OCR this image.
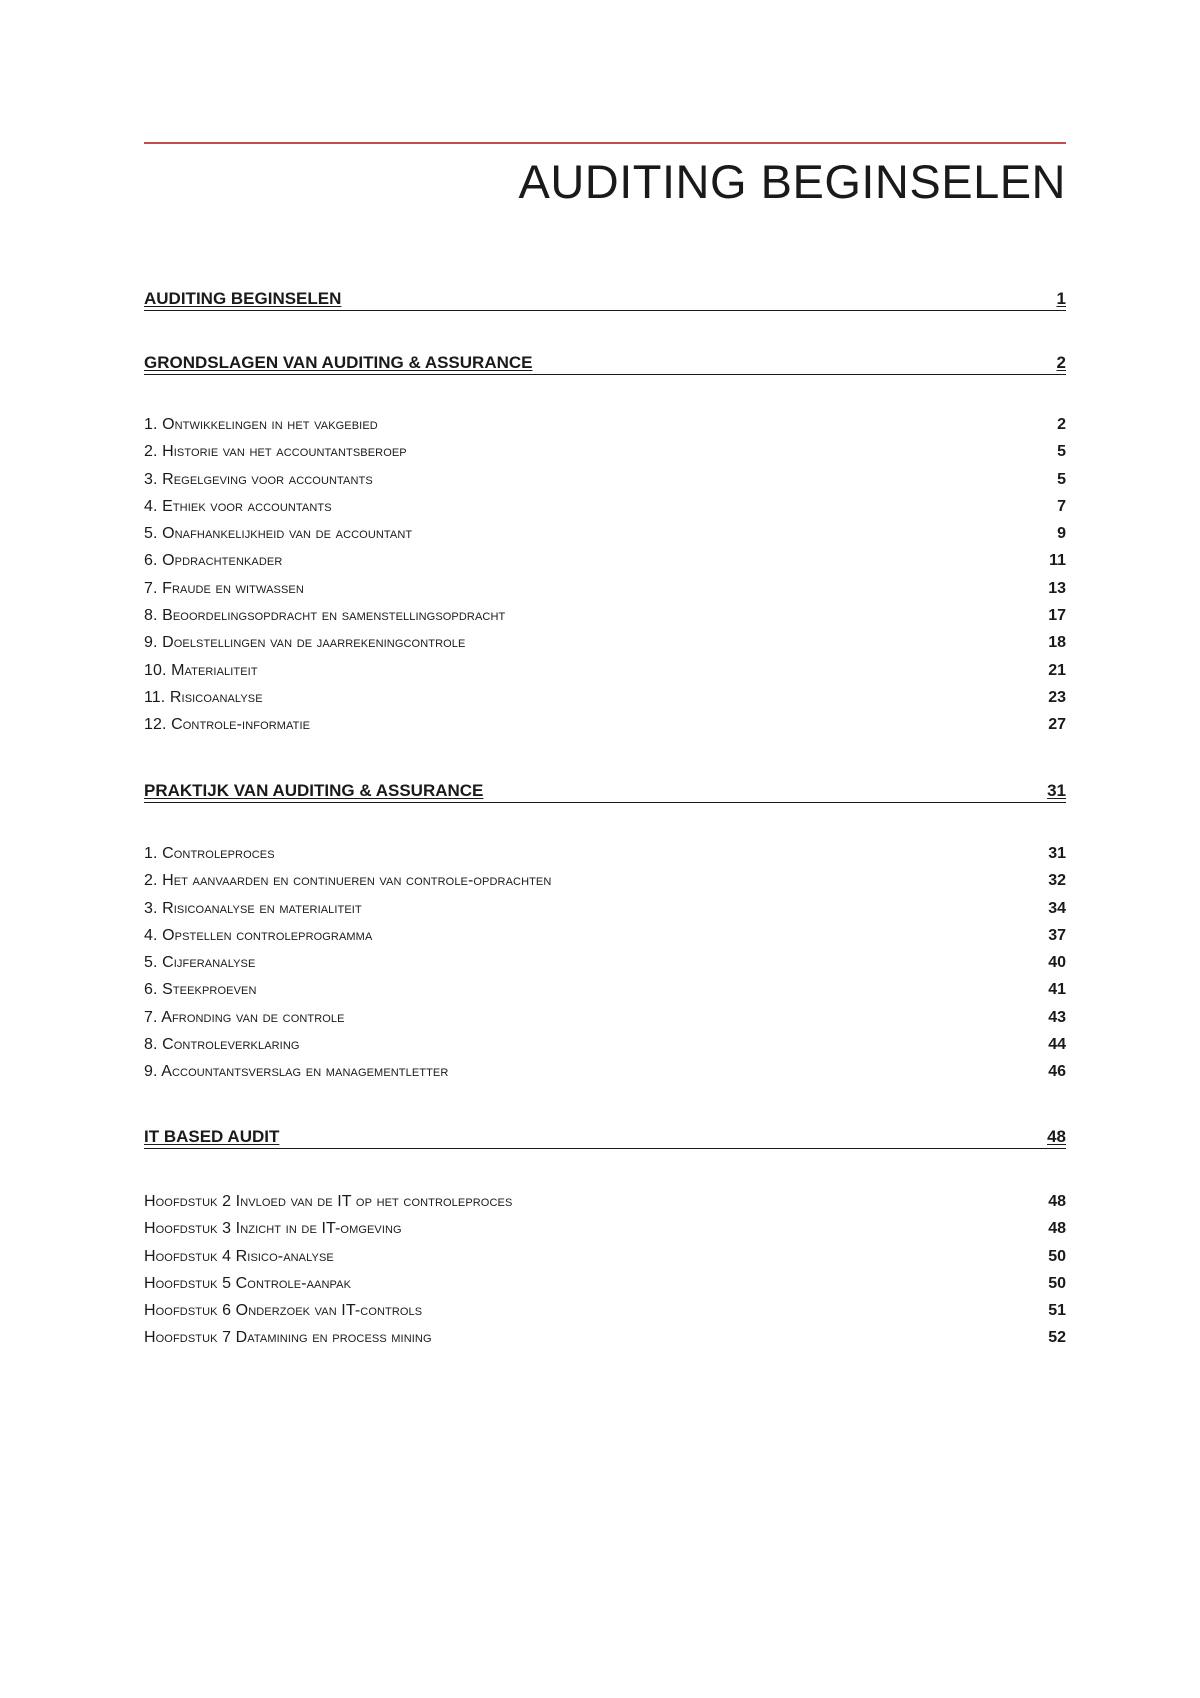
AUDITING BEGINSELEN
AUDITING BEGINSELEN	1
GRONDSLAGEN VAN AUDITING & ASSURANCE	2
1. Ontwikkelingen in het vakgebied	2
2. Historie van het accountantsberoep	5
3. Regelgeving voor accountants	5
4. Ethiek voor accountants	7
5. Onafhankelijkheid van de accountant	9
6. Opdrachtenkader	11
7. Fraude en witwassen	13
8. Beoordelingsopdracht en samenstellingsopdracht	17
9. Doelstellingen van de jaarrekeningcontrole	18
10. Materialiteit	21
11. Risicoanalyse	23
12. Controle-informatie	27
PRAKTIJK VAN AUDITING & ASSURANCE	31
1. Controleproces	31
2. Het aanvaarden en continueren van controle-opdrachten	32
3. Risicoanalyse en materialiteit	34
4. Opstellen controleprogramma	37
5. Cijferanalyse	40
6. Steekproeven	41
7. Afronding van de controle	43
8. Controleverklaring	44
9. Accountantsverslag en managementletter	46
IT BASED AUDIT	48
Hoofdstuk 2 Invloed van de IT op het controleproces	48
Hoofdstuk 3 Inzicht in de IT-omgeving	48
Hoofdstuk 4 Risico-analyse	50
Hoofdstuk 5 Controle-aanpak	50
Hoofdstuk 6 Onderzoek van IT-controls	51
Hoofdstuk 7 Datamining en process mining	52
